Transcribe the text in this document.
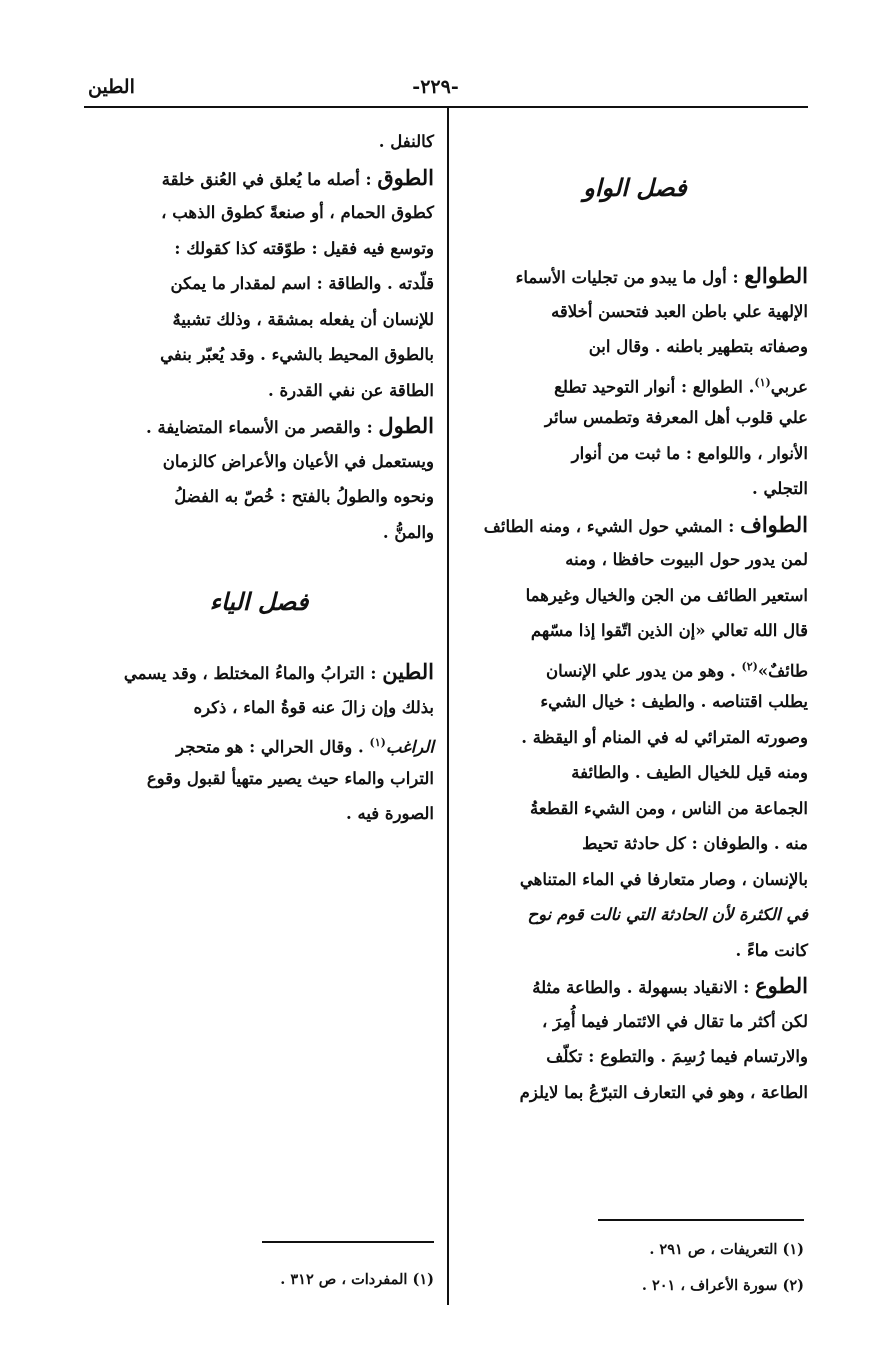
الطين	-٢٢٩-
فصل الواو
الطوالع : أول ما يبدو من تجليات الأسماء
الإلهية علي باطن العبد فتحسن أخلاقه
وصفاته بتطهير باطنه . وقال ابن
عربي$^{(١)}$. الطوالع : أنوار التوحيد تطلع
علي قلوب أهل المعرفة وتطمس سائر
الأنوار ، واللوامع : ما ثبت من أنوار
التجلي .
الطواف : المشي حول الشيء ، ومنه الطائف
لمن يدور حول البيوت حافظا ، ومنه
استعير الطائف من الجن والخيال وغيرهما
قال الله تعالي «إن الذين اتّقوا إذا مسّهم
طائفٌ»$^{(٢)}$ . وهو من يدور علي الإنسان
يطلب اقتناصه . والطيف : خيال الشيء
وصورته المترائي له في المنام أو اليقظة .
ومنه قيل للخيال الطيف . والطائفة
الجماعة من الناس ، ومن الشيء القطعةُ
منه . والطوفان : كل حادثة تحيط
بالإنسان ، وصار متعارفا في الماء المتناهي
في الكثرة لأن الحادثة التي نالت قوم نوح
كانت ماءً .
الطوع : الانقياد بسهولة . والطاعة مثلهُ
لكن أكثر ما تقال في الائتمار فيما أُمِرَ ،
والارتسام فيما رُسِمَ . والتطوع : تكلّف
الطاعة ، وهو في التعارف التبرّعُ بما لايلزم
(١) التعريفات ، ص ٢٩١ .
(٢) سورة الأعراف ، ٢٠١ .
كالنفل .
الطوق : أصله ما يُعلق في العُنق خلقة
كطوق الحمام ، أو صنعةً كطوق الذهب ،
وتوسع فيه فقيل : طوّقته كذا كقولك :
قلّدته . والطاقة : اسم لمقدار ما يمكن
للإنسان أن يفعله بمشقة ، وذلك تشبيهٌ
بالطوق المحيط بالشيء . وقد يُعبّر بنفي
الطاقة عن نفي القدرة .
الطول : والقصر من الأسماء المتضايفة .
ويستعمل في الأعيان والأعراض كالزمان
ونحوه والطولُ بالفتح : خُصّ به الفضلُ
والمنُّ .
فصل الياء
الطين : الترابُ والماءُ المختلط ، وقد يسمي
بذلك وإن زالَ عنه قوةُ الماء ، ذكره
الراغب$^{(١)}$ . وقال الحرالي : هو متحجر
التراب والماء حيث يصير متهيأ لقبول وقوع
الصورة فيه .
(١) المفردات ، ص ٣١٢ .
